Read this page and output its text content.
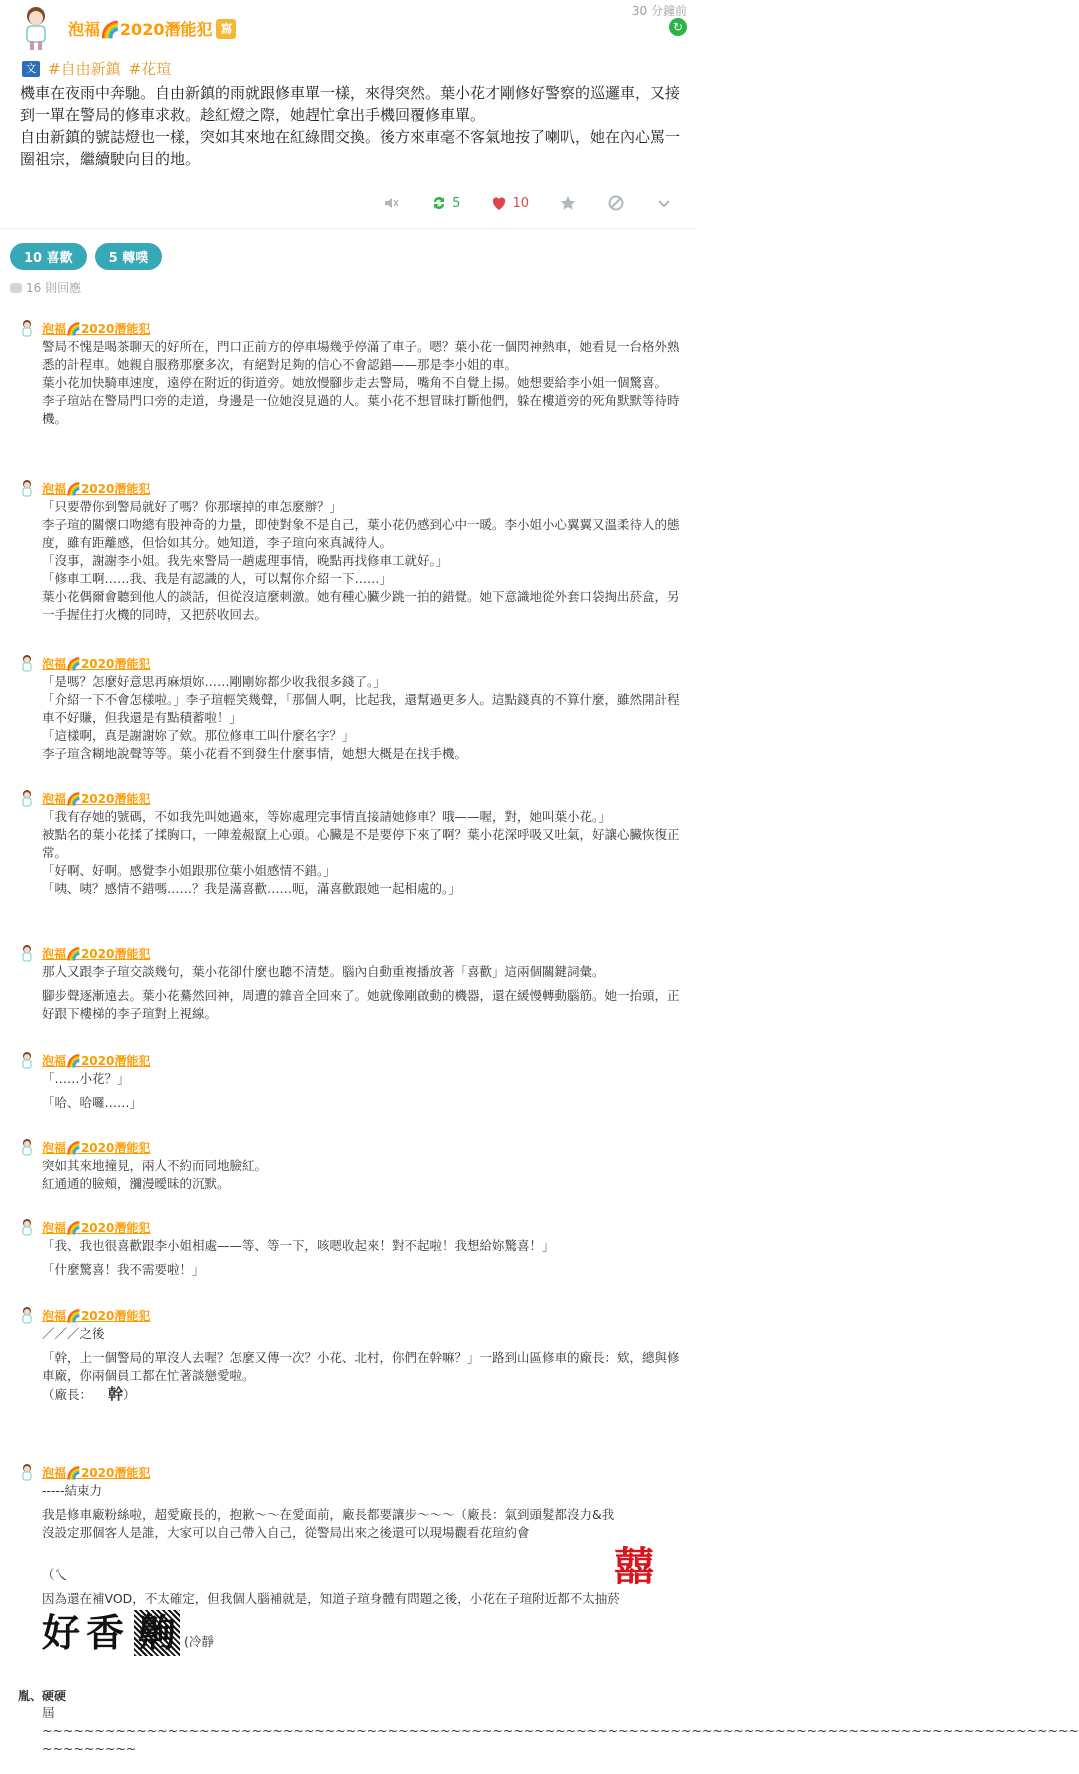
泡福🌈2020潛能犯 寫
30 分鐘前
↻
文 #自由新鎮 #花瑄

機車在夜雨中奔馳。自由新鎮的雨就跟修車單一樣，來得突然。葉小花才剛修好警察的巡邏車，又接到一單在警局的修車求救。趁紅燈之際，她趕忙拿出手機回覆修車單。

自由新鎮的號誌燈也一樣，突如其來地在紅綠間交換。後方來車毫不客氣地按了喇叭，她在內心罵一圈祖宗，繼續駛向目的地。

5	10
10 喜歡	5 轉噗
16 則回應
泡福🌈2020潛能犯

警局不愧是喝茶聊天的好所在，門口正前方的停車場幾乎停滿了車子。嗯？葉小花一個閃神熱車，她看見一台格外熟悉的計程車。她親自服務那麼多次，有絕對足夠的信心不會認錯——那是李小姐的車。

葉小花加快騎車速度，遠停在附近的街道旁。她放慢腳步走去警局，嘴角不自覺上揚。她想要給李小姐一個驚喜。

李子瑄站在警局門口旁的走道，身邊是一位她沒見過的人。葉小花不想冒昧打斷他們，躲在樓道旁的死角默默等待時機。

泡福🌈2020潛能犯

「只要帶你到警局就好了嗎？你那壞掉的車怎麼辦？」

李子瑄的關懷口吻總有股神奇的力量，即使對象不是自己，葉小花仍感到心中一暖。李小姐小心翼翼又溫柔待人的態度，雖有距離感，但恰如其分。她知道，李子瑄向來真誠待人。

「沒事，謝謝李小姐。我先來警局一趟處理事情，晚點再找修車工就好。」

「修車工啊……我、我是有認識的人，可以幫你介紹一下……」

葉小花偶爾會聽到他人的談話，但從沒這麼刺激。她有種心臟少跳一拍的錯覺。她下意識地從外套口袋掏出菸盒，另一手握住打火機的同時，又把菸收回去。

泡福🌈2020潛能犯

「是嗎？怎麼好意思再麻煩妳……剛剛妳都少收我很多錢了。」

「介紹一下不會怎樣啦。」李子瑄輕笑幾聲，「那個人啊，比起我，還幫過更多人。這點錢真的不算什麼，雖然開計程車不好賺，但我還是有點積蓄啦！」

「這樣啊，真是謝謝妳了欸。那位修車工叫什麼名字？」

李子瑄含糊地說聲等等。葉小花看不到發生什麼事情，她想大概是在找手機。

泡福🌈2020潛能犯

「我有存她的號碼，不如我先叫她過來，等妳處理完事情直接請她修車？哦——喔，對，她叫葉小花。」

被點名的葉小花揉了揉胸口，一陣羞赧竄上心頭。心臟是不是要停下來了啊？葉小花深呼吸又吐氣，好讓心臟恢復正常。

「好啊、好啊。感覺李小姐跟那位葉小姐感情不錯。」

「咦、咦？感情不錯嗎……？我是滿喜歡……呃，滿喜歡跟她一起相處的。」

泡福🌈2020潛能犯

那人又跟李子瑄交談幾句，葉小花卻什麼也聽不清楚。腦內自動重複播放著「喜歡」這兩個關鍵詞彙。

腳步聲逐漸遠去。葉小花驀然回神，周遭的雜音全回來了。她就像剛啟動的機器，還在緩慢轉動腦筋。她一抬頭，正好跟下樓梯的李子瑄對上視線。

泡福🌈2020潛能犯

「……小花？」

「哈、哈囉……」

泡福🌈2020潛能犯

突如其來地撞見，兩人不約而同地臉紅。

紅通通的臉頰，瀰漫曖昧的沉默。

泡福🌈2020潛能犯

「我、我也很喜歡跟李小姐相處——等、等一下，咳嗯收起來！對不起啦！我想給妳驚喜！」

「什麼驚喜！我不需要啦！」

泡福🌈2020潛能犯

／／／之後

「幹，上一個警局的單沒人去喔？怎麼又傳一次？小花、北村，你們在幹嘛？」一路到山區修車的廠長：欸，總與修車廠，你兩個員工都在忙著談戀愛啦。

（廠長： 幹）

泡福🌈2020潛能犯

-----結束力

我是修車廠粉絲啦，超愛廠長的，抱歉～～在愛面前，廠長都要讓步～～～（廠長：氣到頭髮都沒力&我沒設定那個客人是誰，大家可以自己帶入自己，從警局出來之後還可以現場觀看花瑄約會

（乀

因為還在補VOD，不太確定，但我個人腦補就是，知道子瑄身體有問題之後，小花在子瑄附近都不太抽菸

好香 齁 (冷靜

囍
胤、硬硬

屆

~~~~~~~~~~~~~~~~~~~~~~~~~~~~~~~~~~~~~~~~~~~~~~~~~~~~~~~~~~~~~~~~~~~~~~~~~~~~~~~~~~~~~~~~~~~~~~~~~~~

~~~~~~~~~
